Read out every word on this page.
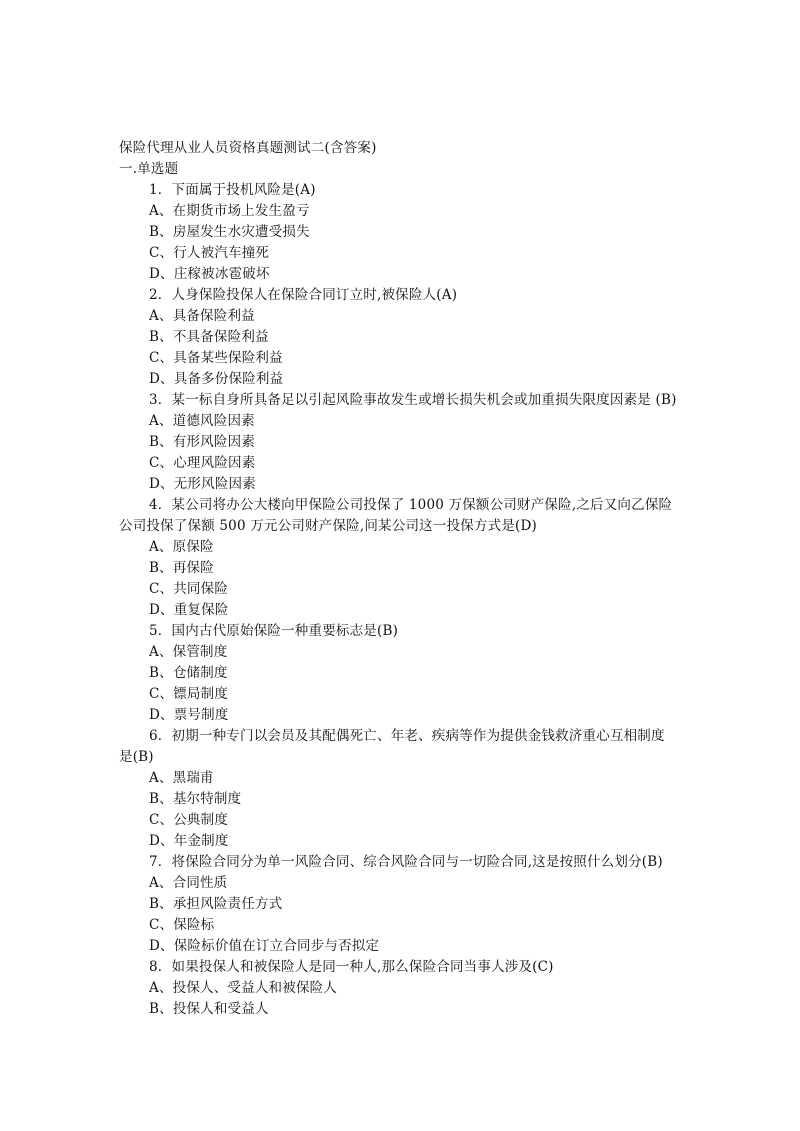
保险代理从业人员资格真题测试二(含答案)
一.单选题
1．下面属于投机风险是(A)
A、在期货市场上发生盈亏
B、房屋发生水灾遭受损失
C、行人被汽车撞死
D、庄稼被冰雹破坏
2．人身保险投保人在保险合同订立时,被保险人(A)
A、具备保险利益
B、不具备保险利益
C、具备某些保险利益
D、具备多份保险利益
3．某一标自身所具备足以引起风险事故发生或增长损失机会或加重损失限度因素是 (B)
A、道德风险因素
B、有形风险因素
C、心理风险因素
D、无形风险因素
4．某公司将办公大楼向甲保险公司投保了 1000 万保额公司财产保险,之后又向乙保险
公司投保了保额 500 万元公司财产保险,问某公司这一投保方式是(D)
A、原保险
B、再保险
C、共同保险
D、重复保险
5．国内古代原始保险一种重要标志是(B)
A、保管制度
B、仓储制度
C、镖局制度
D、票号制度
6．初期一种专门以会员及其配偶死亡、年老、疾病等作为提供金钱救济重心互相制度
是(B)
A、黑瑞甫
B、基尔特制度
C、公典制度
D、年金制度
7．将保险合同分为单一风险合同、综合风险合同与一切险合同,这是按照什么划分(B)
A、合同性质
B、承担风险责任方式
C、保险标
D、保险标价值在订立合同步与否拟定
8．如果投保人和被保险人是同一种人,那么保险合同当事人涉及(C)
A、投保人、受益人和被保险人
B、投保人和受益人
